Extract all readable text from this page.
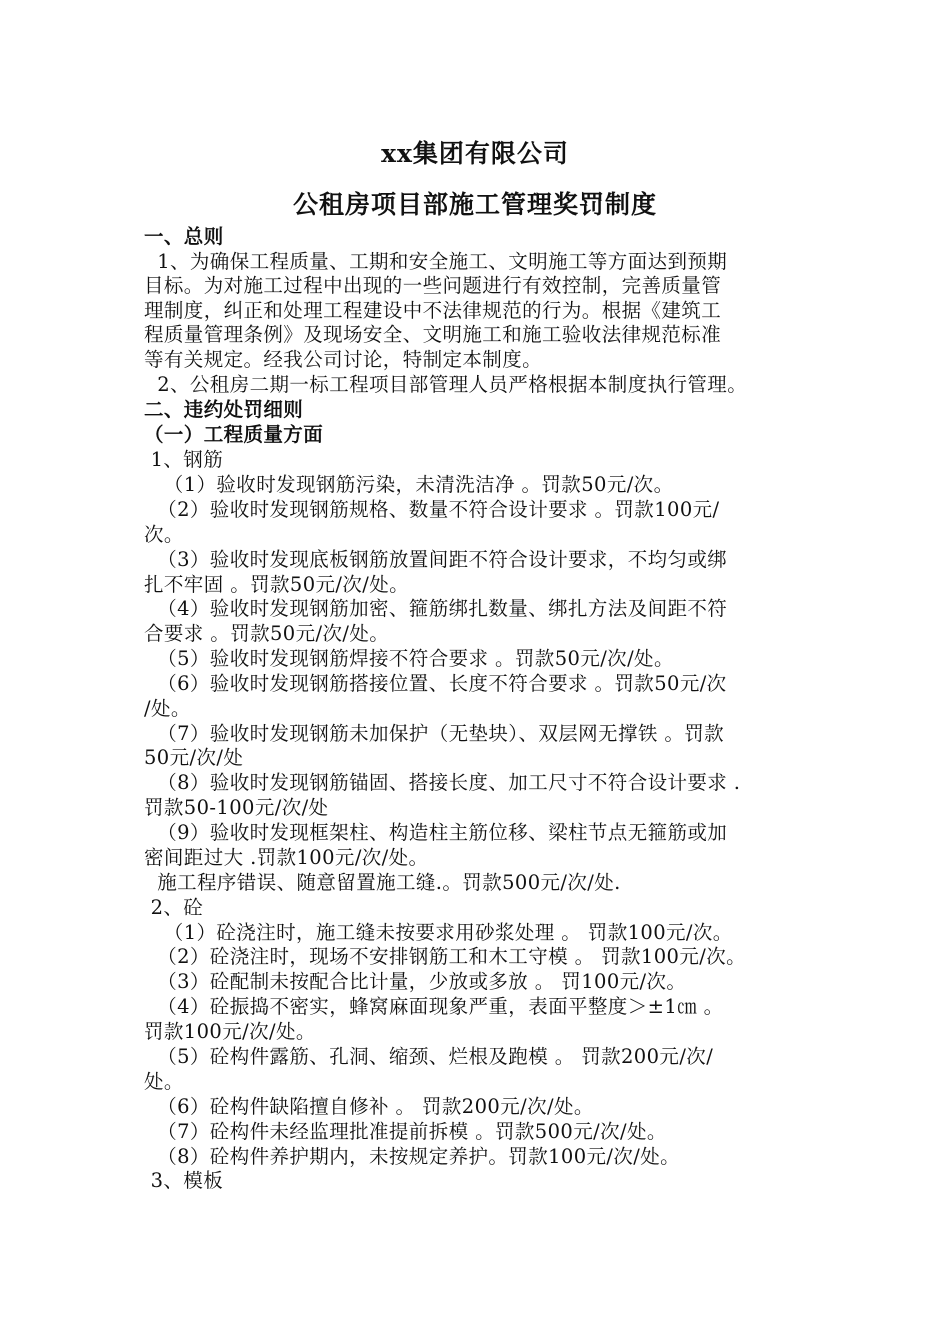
xx集团有限公司
公租房项目部施工管理奖罚制度
一、总则
1、为确保工程质量、工期和安全施工、文明施工等方面达到预期
目标。为对施工过程中出现的一些问题进行有效控制，完善质量管
理制度，纠正和处理工程建设中不法律规范的行为。根据《建筑工
程质量管理条例》及现场安全、文明施工和施工验收法律规范标准
等有关规定。经我公司讨论，特制定本制度。
2、公租房二期一标工程项目部管理人员严格根据本制度执行管理。
二、违约处罚细则
（一）工程质量方面
1、钢筋
（1）验收时发现钢筋污染，未清洗洁净 。罚款50元/次。
（2）验收时发现钢筋规格、数量不符合设计要求 。罚款100元/
次。
（3）验收时发现底板钢筋放置间距不符合设计要求，不均匀或绑
扎不牢固 。罚款50元/次/处。
（4）验收时发现钢筋加密、箍筋绑扎数量、绑扎方法及间距不符
合要求 。罚款50元/次/处。
（5）验收时发现钢筋焊接不符合要求 。罚款50元/次/处。
（6）验收时发现钢筋搭接位置、长度不符合要求 。罚款50元/次
/处。
（7）验收时发现钢筋未加保护（无垫块）、双层网无撑铁 。罚款
50元/次/处
（8）验收时发现钢筋锚固、搭接长度、加工尺寸不符合设计要求 .
罚款50-100元/次/处
（9）验收时发现框架柱、构造柱主筋位移、梁柱节点无箍筋或加
密间距过大 .罚款100元/次/处。
施工程序错误、随意留置施工缝.。罚款500元/次/处.
2、砼
（1）砼浇注时，施工缝未按要求用砂浆处理 。 罚款100元/次。
（2）砼浇注时，现场不安排钢筋工和木工守模 。 罚款100元/次。
（3）砼配制未按配合比计量，少放或多放 。 罚100元/次。
（4）砼振捣不密实，蜂窝麻面现象严重，表面平整度＞±1㎝ 。
罚款100元/次/处。
（5）砼构件露筋、孔洞、缩颈、烂根及跑模 。 罚款200元/次/
处。
（6）砼构件缺陷擅自修补 。 罚款200元/次/处。
（7）砼构件未经监理批准提前拆模 。罚款500元/次/处。
（8）砼构件养护期内，未按规定养护。罚款100元/次/处。
3、模板
